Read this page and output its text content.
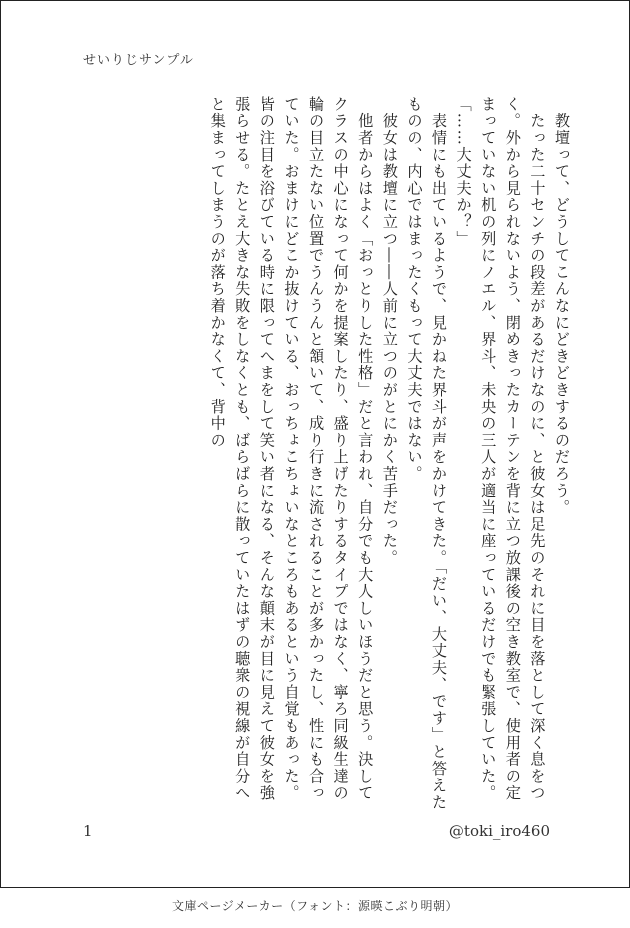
せいりじサンプル

　教壇って、どうしてこんなにどきどきするのだろう。

　たった二十センチの段差があるだけなのに、と彼女は足先のそれに目を落として深く息をつく。外から見られないよう、閉めきったカーテンを背に立つ放課後の空き教室で、使用者の定まっていない机の列にノエル、界斗、未央の三人が適当に座っているだけでも緊張していた。

「……大丈夫か？」

　表情にも出ているようで、見かねた界斗が声をかけてきた。「だい、大丈夫、です」と答えたものの、内心ではまったくもって大丈夫ではない。

　彼女は教壇に立つ――人前に立つのがとにかく苦手だった。

　他者からはよく「おっとりした性格」だと言われ、自分でも大人しいほうだと思う。決してクラスの中心になって何かを提案したり、盛り上げたりするタイプではなく、寧ろ同級生達の輪の目立たない位置でうんうんと頷いて、成り行きに流されることが多かったし、性にも合っていた。おまけにどこか抜けている、おっちょこちょいなところもあるという自覚もあった。皆の注目を浴びている時に限ってへまをして笑い者になる、そんな顛末が目に見えて彼女を強張らせる。たとえ大きな失敗をしなくとも、ばらばらに散っていたはずの聴衆の視線が自分へと集まってしまうのが落ち着かなくて、背中の

1	@toki_iro460
文庫ページメーカー（フォント：源暎こぶり明朝）
